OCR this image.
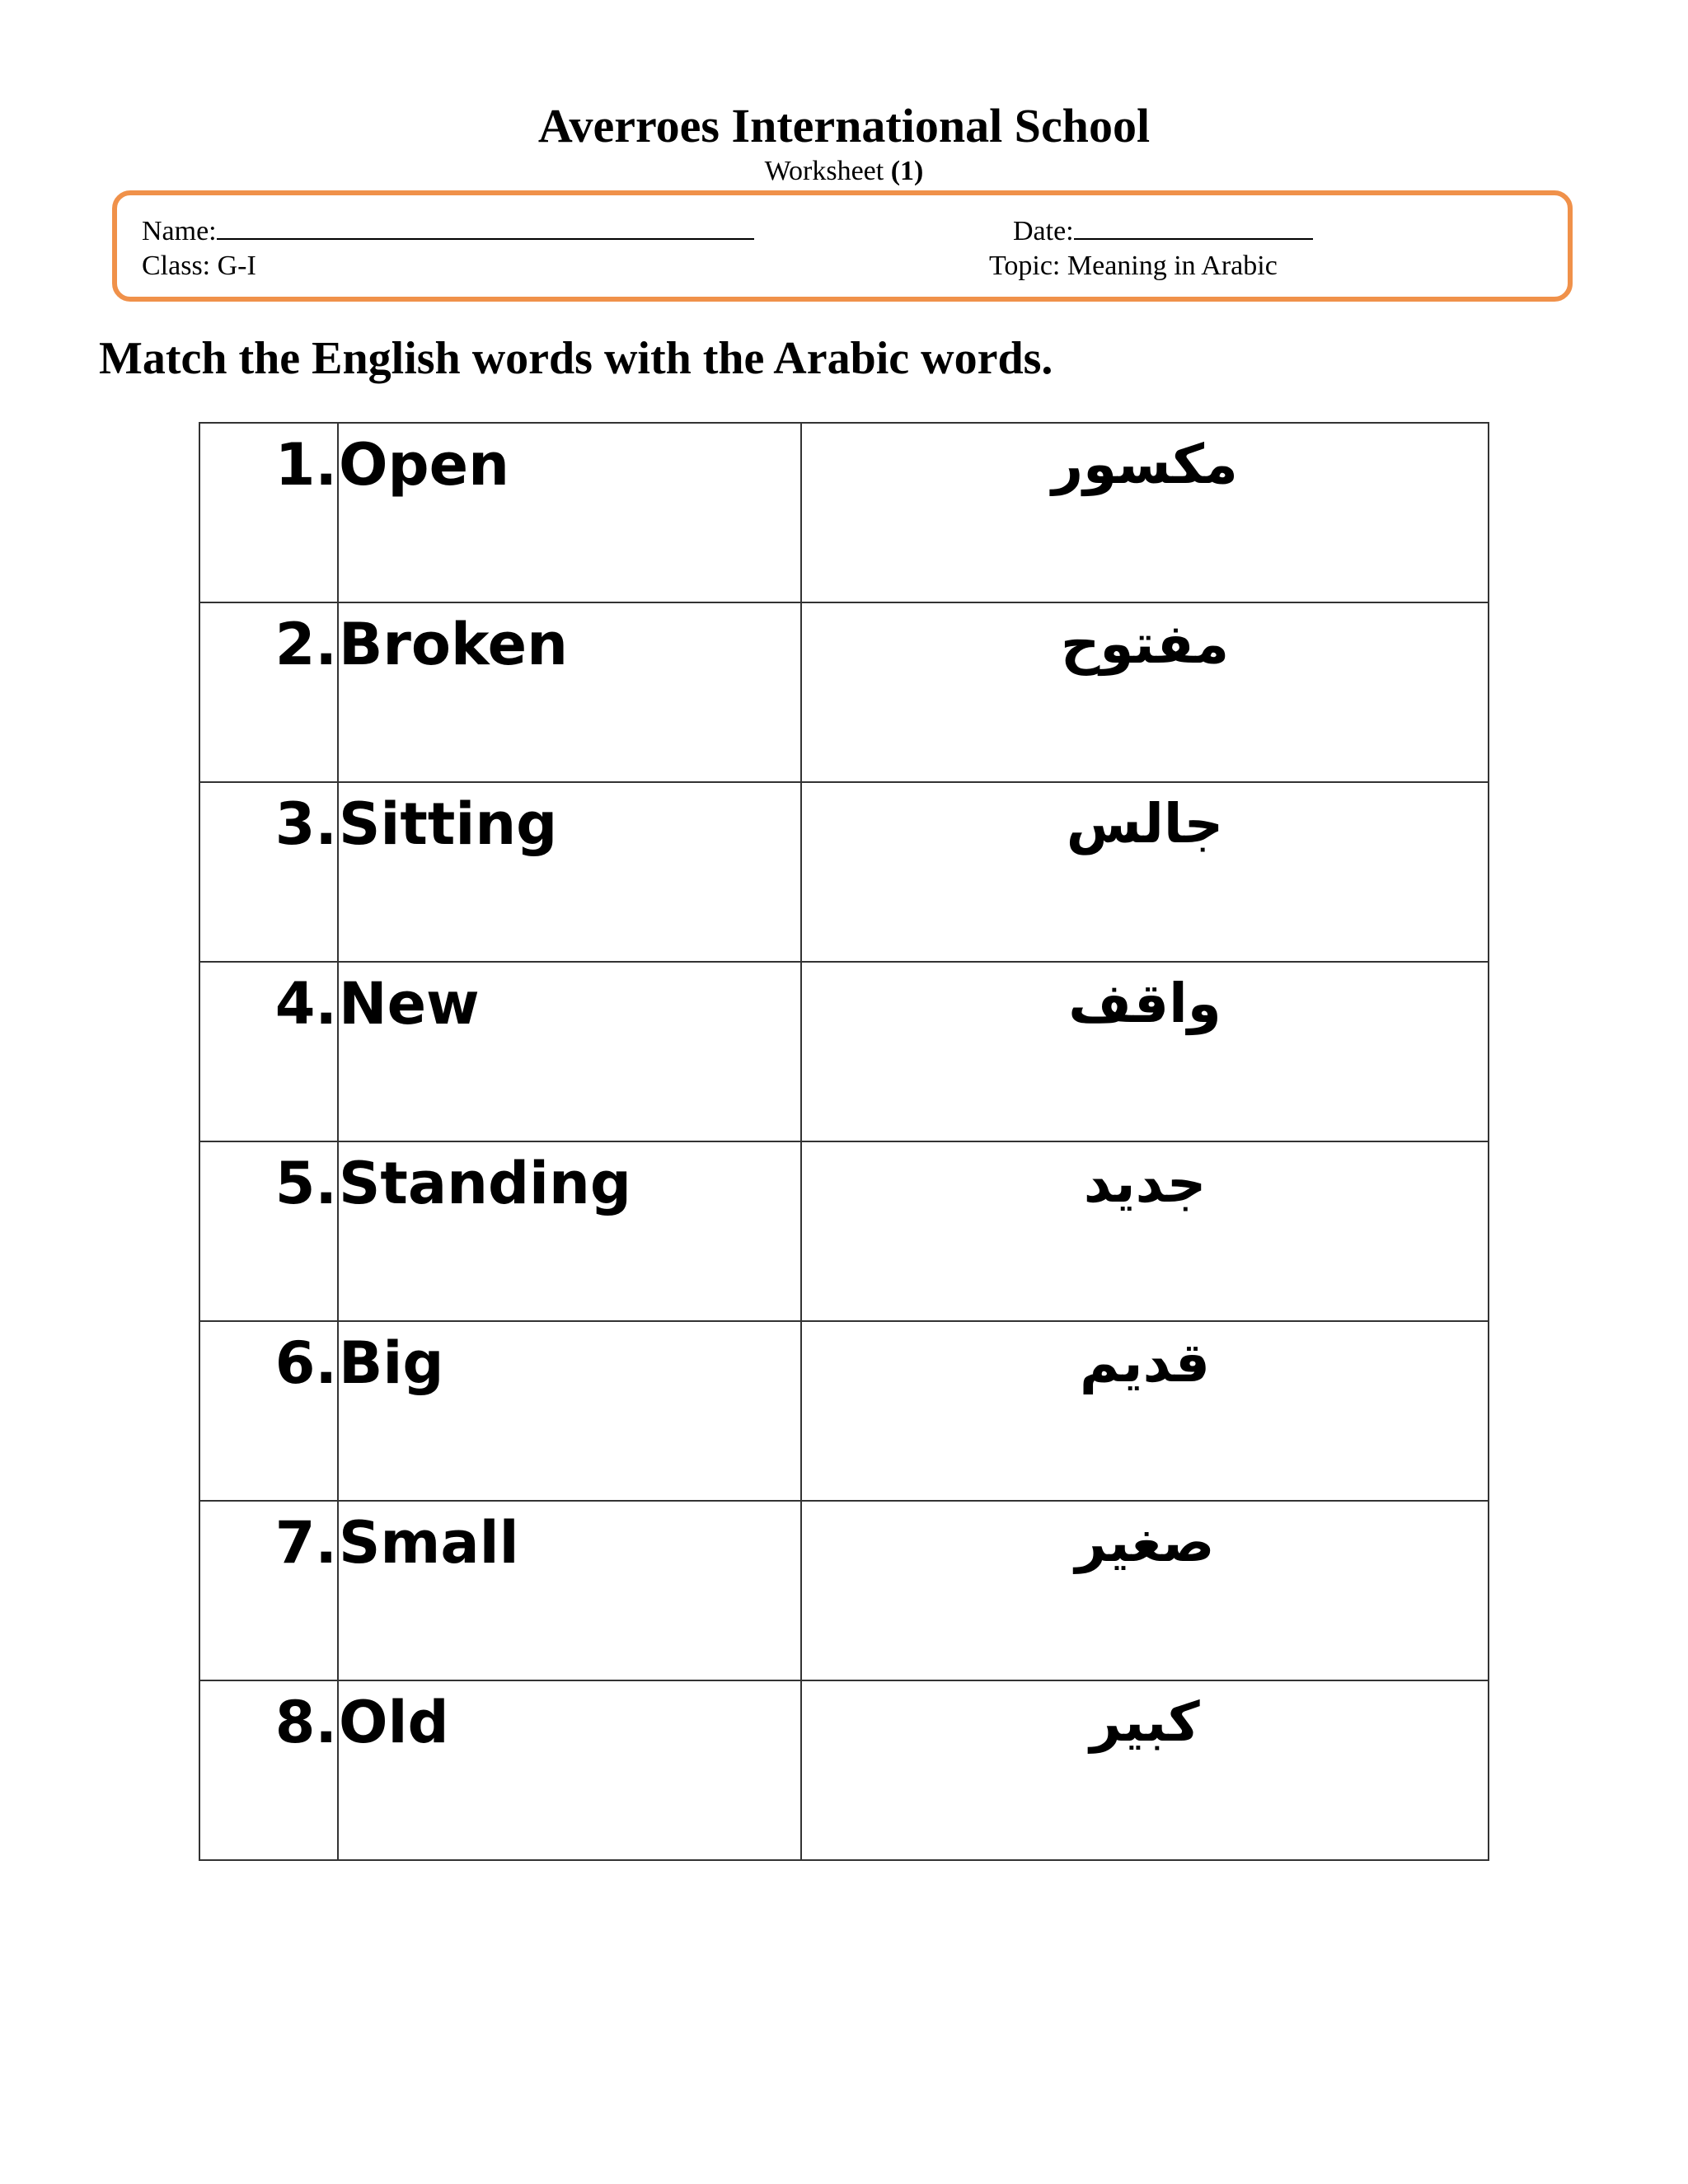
Averroes International School
Worksheet (1)
Name:	Date:
Class: G-I	Topic: Meaning in Arabic
Match the English words with the Arabic words.
1.	Open	مكسور
2.	Broken	مفتوح
3.	Sitting	جالس
4.	New	واقف
5.	Standing	جديد
6.	Big	قديم
7.	Small	صغير
8.	Old	كبير
